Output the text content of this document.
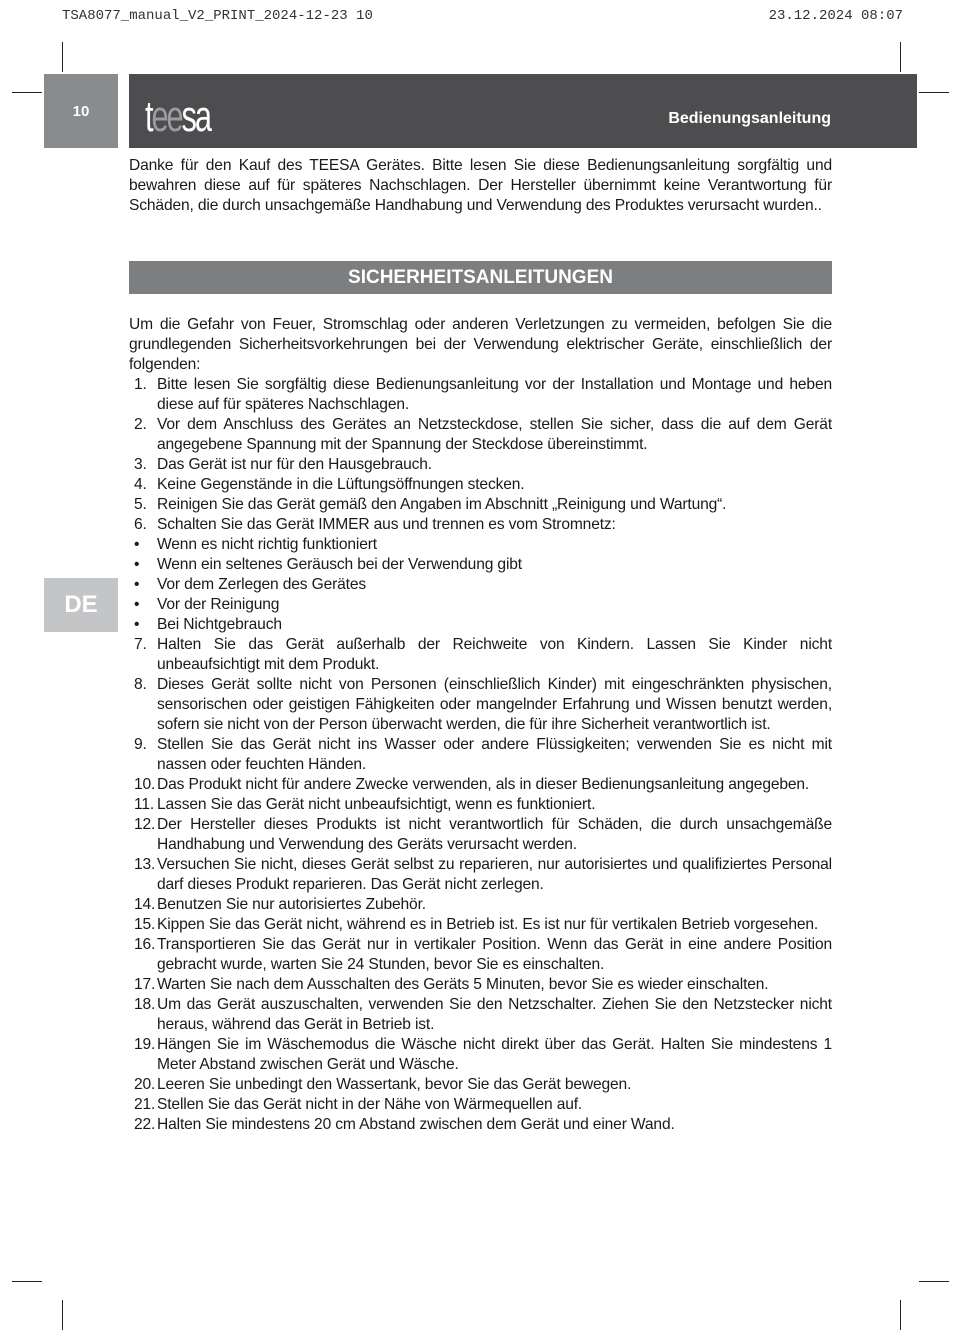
TSA8077_manual_V2_PRINT_2024-12-23 10	23.12.2024 08:07
10	teesa	Bedienungsanleitung
Danke für den Kauf des TEESA Gerätes. Bitte lesen Sie diese Bedienungsanleitung sorgfältig und bewahren diese auf für späteres Nachschlagen. Der Hersteller übernimmt keine Verantwortung für Schäden, die durch unsachgemäße Handhabung und Verwendung des Produktes verursacht wurden..
SICHERHEITSANLEITUNGEN
Um die Gefahr von Feuer, Stromschlag oder anderen Verletzungen zu vermeiden, befolgen Sie die grundlegenden Sicherheitsvorkehrungen bei der Verwendung elektrischer Geräte, einschließlich der folgenden:
DE
1. Bitte lesen Sie sorgfältig diese Bedienungsanleitung vor der Installation und Montage und heben diese auf für späteres Nachschlagen.
2. Vor dem Anschluss des Gerätes an Netzsteckdose, stellen Sie sicher, dass die auf dem Gerät angegebene Spannung mit der Spannung der Steckdose übereinstimmt.
3. Das Gerät ist nur für den Hausgebrauch.
4. Keine Gegenstände in die Lüftungsöffnungen stecken.
5. Reinigen Sie das Gerät gemäß den Angaben im Abschnitt „Reinigung und Wartung“.
6. Schalten Sie das Gerät IMMER aus und trennen es vom Stromnetz:
•	Wenn es nicht richtig funktioniert
•	Wenn ein seltenes Geräusch bei der Verwendung gibt
•	Vor dem Zerlegen des Gerätes
•	Vor der Reinigung
•	Bei Nichtgebrauch
7. Halten Sie das Gerät außerhalb der Reichweite von Kindern. Lassen Sie Kinder nicht unbeaufsichtigt mit dem Produkt.
8. Dieses Gerät sollte nicht von Personen (einschließlich Kinder) mit eingeschränkten physischen, sensorischen oder geistigen Fähigkeiten oder mangelnder Erfahrung und Wissen benutzt werden, sofern sie nicht von der Person überwacht werden, die für ihre Sicherheit verantwortlich ist.
9. Stellen Sie das Gerät nicht ins Wasser oder andere Flüssigkeiten; verwenden Sie es nicht mit nassen oder feuchten Händen.
10. Das Produkt nicht für andere Zwecke verwenden, als in dieser Bedienungsanleitung angegeben.
11. Lassen Sie das Gerät nicht unbeaufsichtigt, wenn es funktioniert.
12. Der Hersteller dieses Produkts ist nicht verantwortlich für Schäden, die durch unsachgemäße Handhabung und Verwendung des Geräts verursacht werden.
13. Versuchen Sie nicht, dieses Gerät selbst zu reparieren, nur autorisiertes und qualifiziertes Personal darf dieses Produkt reparieren. Das Gerät nicht zerlegen.
14. Benutzen Sie nur autorisiertes Zubehör.
15. Kippen Sie das Gerät nicht, während es in Betrieb ist. Es ist nur für vertikalen Betrieb vorgesehen.
16. Transportieren Sie das Gerät nur in vertikaler Position. Wenn das Gerät in eine andere Position gebracht wurde, warten Sie 24 Stunden, bevor Sie es einschalten.
17. Warten Sie nach dem Ausschalten des Geräts 5 Minuten, bevor Sie es wieder einschalten.
18. Um das Gerät auszuschalten, verwenden Sie den Netzschalter. Ziehen Sie den Netzstecker nicht heraus, während das Gerät in Betrieb ist.
19. Hängen Sie im Wäschemodus die Wäsche nicht direkt über das Gerät. Halten Sie mindestens 1 Meter Abstand zwischen Gerät und Wäsche.
20. Leeren Sie unbedingt den Wassertank, bevor Sie das Gerät bewegen.
21. Stellen Sie das Gerät nicht in der Nähe von Wärmequellen auf.
22. Halten Sie mindestens 20 cm Abstand zwischen dem Gerät und einer Wand.
